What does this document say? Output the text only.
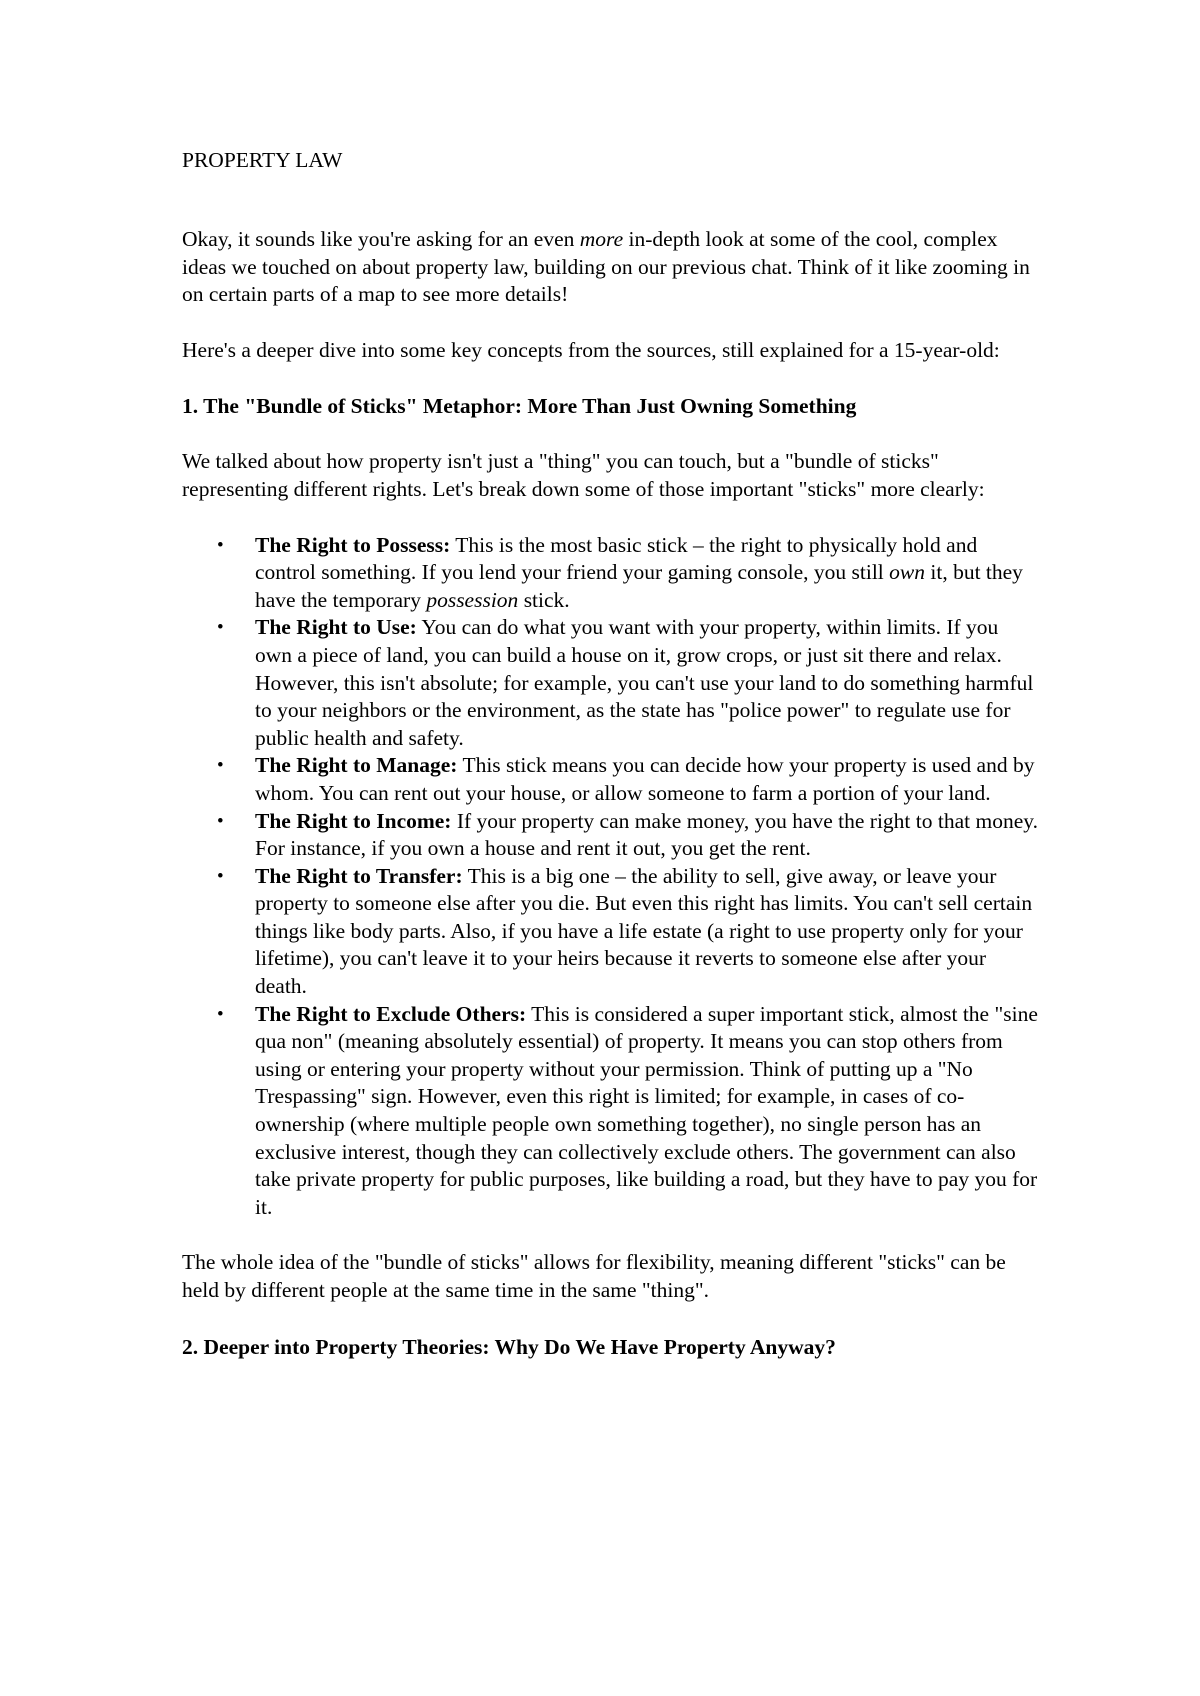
PROPERTY LAW

Okay, it sounds like you're asking for an even more in-depth look at some of the cool, complex ideas we touched on about property law, building on our previous chat. Think of it like zooming in on certain parts of a map to see more details!

Here's a deeper dive into some key concepts from the sources, still explained for a 15-year-old:

1. The "Bundle of Sticks" Metaphor: More Than Just Owning Something

We talked about how property isn't just a "thing" you can touch, but a "bundle of sticks" representing different rights. Let's break down some of those important "sticks" more clearly:

• The Right to Possess: This is the most basic stick – the right to physically hold and control something. If you lend your friend your gaming console, you still own it, but they have the temporary possession stick.
• The Right to Use: You can do what you want with your property, within limits. If you own a piece of land, you can build a house on it, grow crops, or just sit there and relax. However, this isn't absolute; for example, you can't use your land to do something harmful to your neighbors or the environment, as the state has "police power" to regulate use for public health and safety.
• The Right to Manage: This stick means you can decide how your property is used and by whom. You can rent out your house, or allow someone to farm a portion of your land.
• The Right to Income: If your property can make money, you have the right to that money. For instance, if you own a house and rent it out, you get the rent.
• The Right to Transfer: This is a big one – the ability to sell, give away, or leave your property to someone else after you die. But even this right has limits. You can't sell certain things like body parts. Also, if you have a life estate (a right to use property only for your lifetime), you can't leave it to your heirs because it reverts to someone else after your death.
• The Right to Exclude Others: This is considered a super important stick, almost the "sine qua non" (meaning absolutely essential) of property. It means you can stop others from using or entering your property without your permission. Think of putting up a "No Trespassing" sign. However, even this right is limited; for example, in cases of co-ownership (where multiple people own something together), no single person has an exclusive interest, though they can collectively exclude others. The government can also take private property for public purposes, like building a road, but they have to pay you for it.

The whole idea of the "bundle of sticks" allows for flexibility, meaning different "sticks" can be held by different people at the same time in the same "thing".

2. Deeper into Property Theories: Why Do We Have Property Anyway?
